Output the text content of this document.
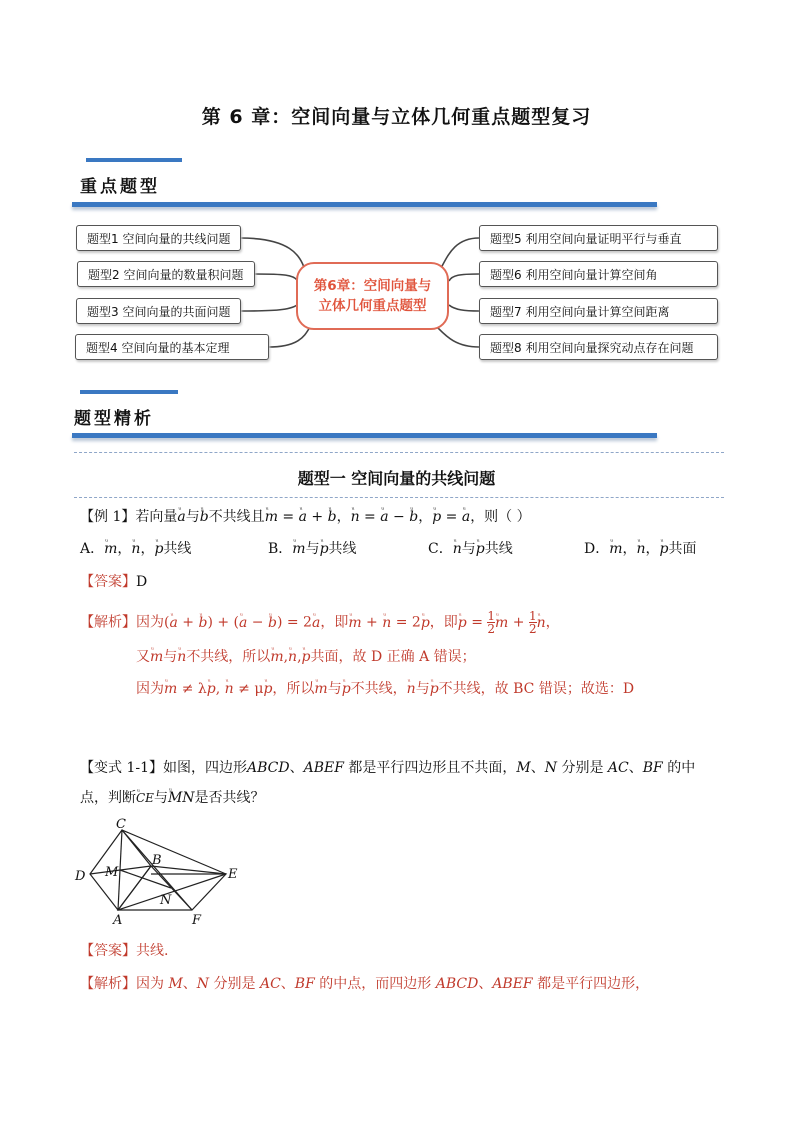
第 6 章：空间向量与立体几何重点题型复习
重点题型
题型1 空间向量的共线问题
题型2 空间向量的数量积问题
题型3 空间向量的共面问题
题型4 空间向量的基本定理
第6章：空间向量与
立体几何重点题型
题型5 利用空间向量证明平行与垂直
题型6 利用空间向量计算空间角
题型7 利用空间向量计算空间距离
题型8 利用空间向量探究动点存在问题
题型精析
题型一 空间向量的共线问题
【例 1】若向量ᵘ a与ᵘ b不共线且ᵘ m = ᵘ a + ᵘ b，ᵘ n = ᵘ a − ᵘ b，ᵘ p = ᵘ a，则（ ）
A．ᵘ m，ᵘ n，ᵘ p共线	B．ᵘ m与ᵘ p共线	C．ᵘ n与ᵘ p共线	D．ᵘ m，ᵘ n，ᵘ p共面
【答案】D
【解析】因为(ᵘ a + ᵘ b) + (ᵘ a − ᵘ b) = 2ᵘ a，即ᵘ m + ᵘ n = 2ᵘ p，即ᵘ $p = \frac{1}{2}$ ᵘ $m + \frac{1}{2}$ ᵘ n，
又ᵘ m与ᵘ n不共线，所以ᵘ m,ᵘ n,ᵘ p共面，故 D 正确 A 错误；
因为ᵘ m ≠ λᵘ p, ᵘ n ≠ μᵘ p，所以ᵘ m与ᵘ p不共线，ᵘ n与ᵘ p不共线，故 BC 错误；故选：D
【变式 1-1】如图，四边形ABCD、ABEF 都是平行四边形且不共面，M、N 分别是 AC、BF 的中
点，判断ᵘ CE与ᵘ MN是否共线？
C
B
D M	E
N
A	F
【答案】共线.
【解析】因为 M、N 分别是 AC、BF 的中点，而四边形 ABCD、ABEF 都是平行四边形，
